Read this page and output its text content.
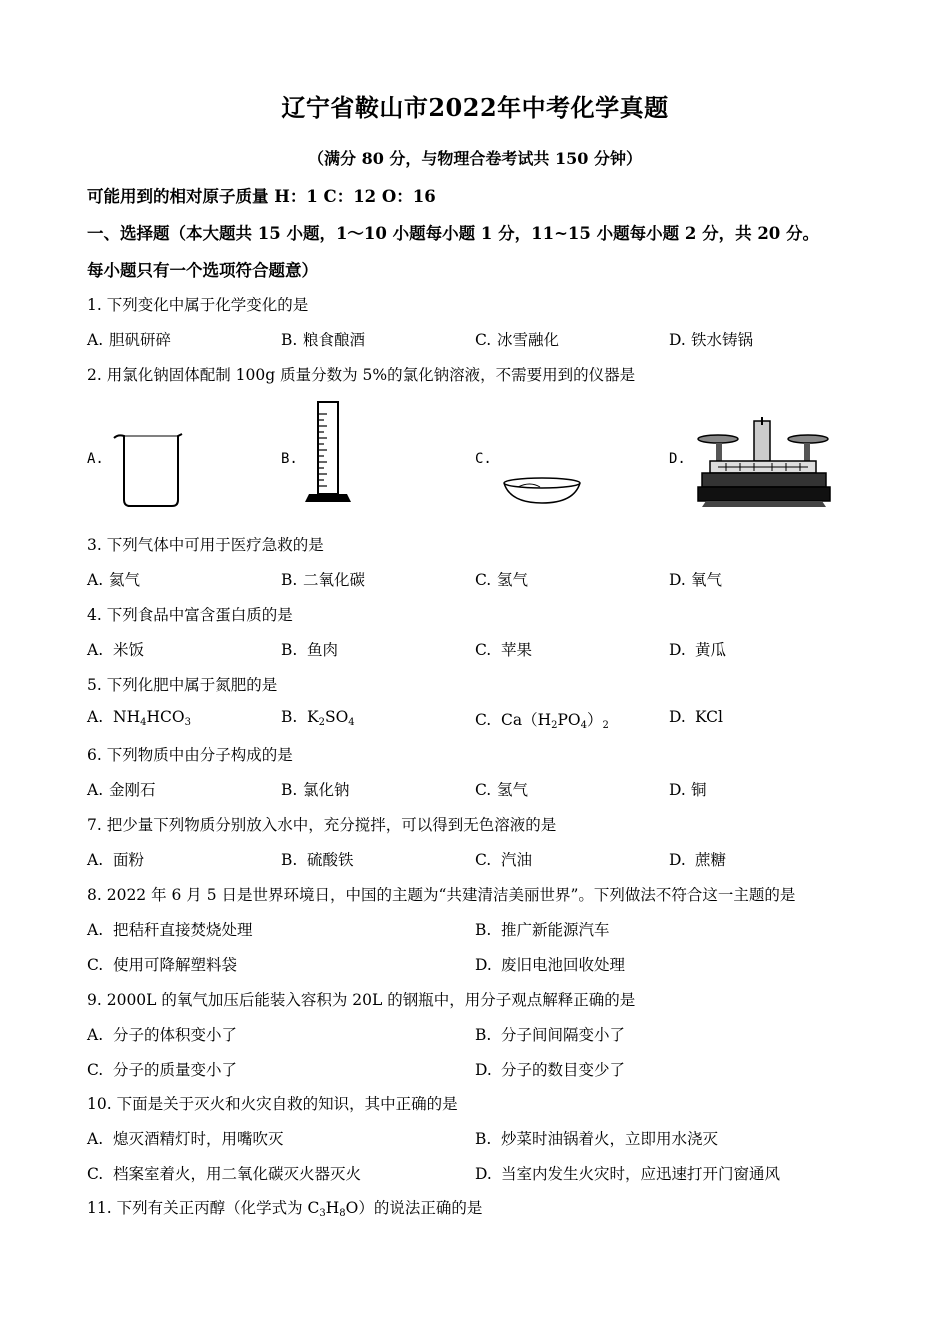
辽宁省鞍山市2022年中考化学真题
（满分 80 分，与物理合卷考试共 150 分钟）
可能用到的相对原子质量 H：1 C：12 O：16
一、选择题（本大题共 15 小题，1～10 小题每小题 1 分，11~15 小题每小题 2 分，共 20 分。
每小题只有一个选项符合题意）
1. 下列变化中属于化学变化的是
A. 胆矾研碎	B. 粮食酿酒	C. 冰雪融化	D. 铁水铸锅
2. 用氯化钠固体配制 100g 质量分数为 5%的氯化钠溶液，不需要用到的仪器是
A.	B.	C.	D.
3. 下列气体中可用于医疗急救的是
A. 氦气	B. 二氧化碳	C. 氢气	D. 氧气
4. 下列食品中富含蛋白质的是
A. 米饭	B. 鱼肉	C. 苹果	D. 黄瓜
5. 下列化肥中属于氮肥的是
A. $NH_4HCO_3$	B. $K_2SO_4$	C. $Ca(H_2PO_4)_2$	D. KCl
6. 下列物质中由分子构成的是
A. 金刚石	B. 氯化钠	C. 氢气	D. 铜
7. 把少量下列物质分别放入水中，充分搅拌，可以得到无色溶液的是
A. 面粉	B. 硫酸铁	C. 汽油	D. 蔗糖
8. 2022 年 6 月 5 日是世界环境日，中国的主题为“共建清洁美丽世界”。下列做法不符合这一主题的是
A. 把秸秆直接焚烧处理	B. 推广新能源汽车
C. 使用可降解塑料袋	D. 废旧电池回收处理
9. 2000L 的氧气加压后能装入容积为 20L 的钢瓶中，用分子观点解释正确的是
A. 分子的体积变小了	B. 分子间间隔变小了
C. 分子的质量变小了	D. 分子的数目变少了
10. 下面是关于灭火和火灾自救的知识，其中正确的是
A. 熄灭酒精灯时，用嘴吹灭	B. 炒菜时油锅着火，立即用水浇灭
C. 档案室着火，用二氧化碳灭火器灭火	D. 当室内发生火灾时，应迅速打开门窗通风
11. 下列有关正丙醇（化学式为 $C_3H_8O$）的说法正确的是
